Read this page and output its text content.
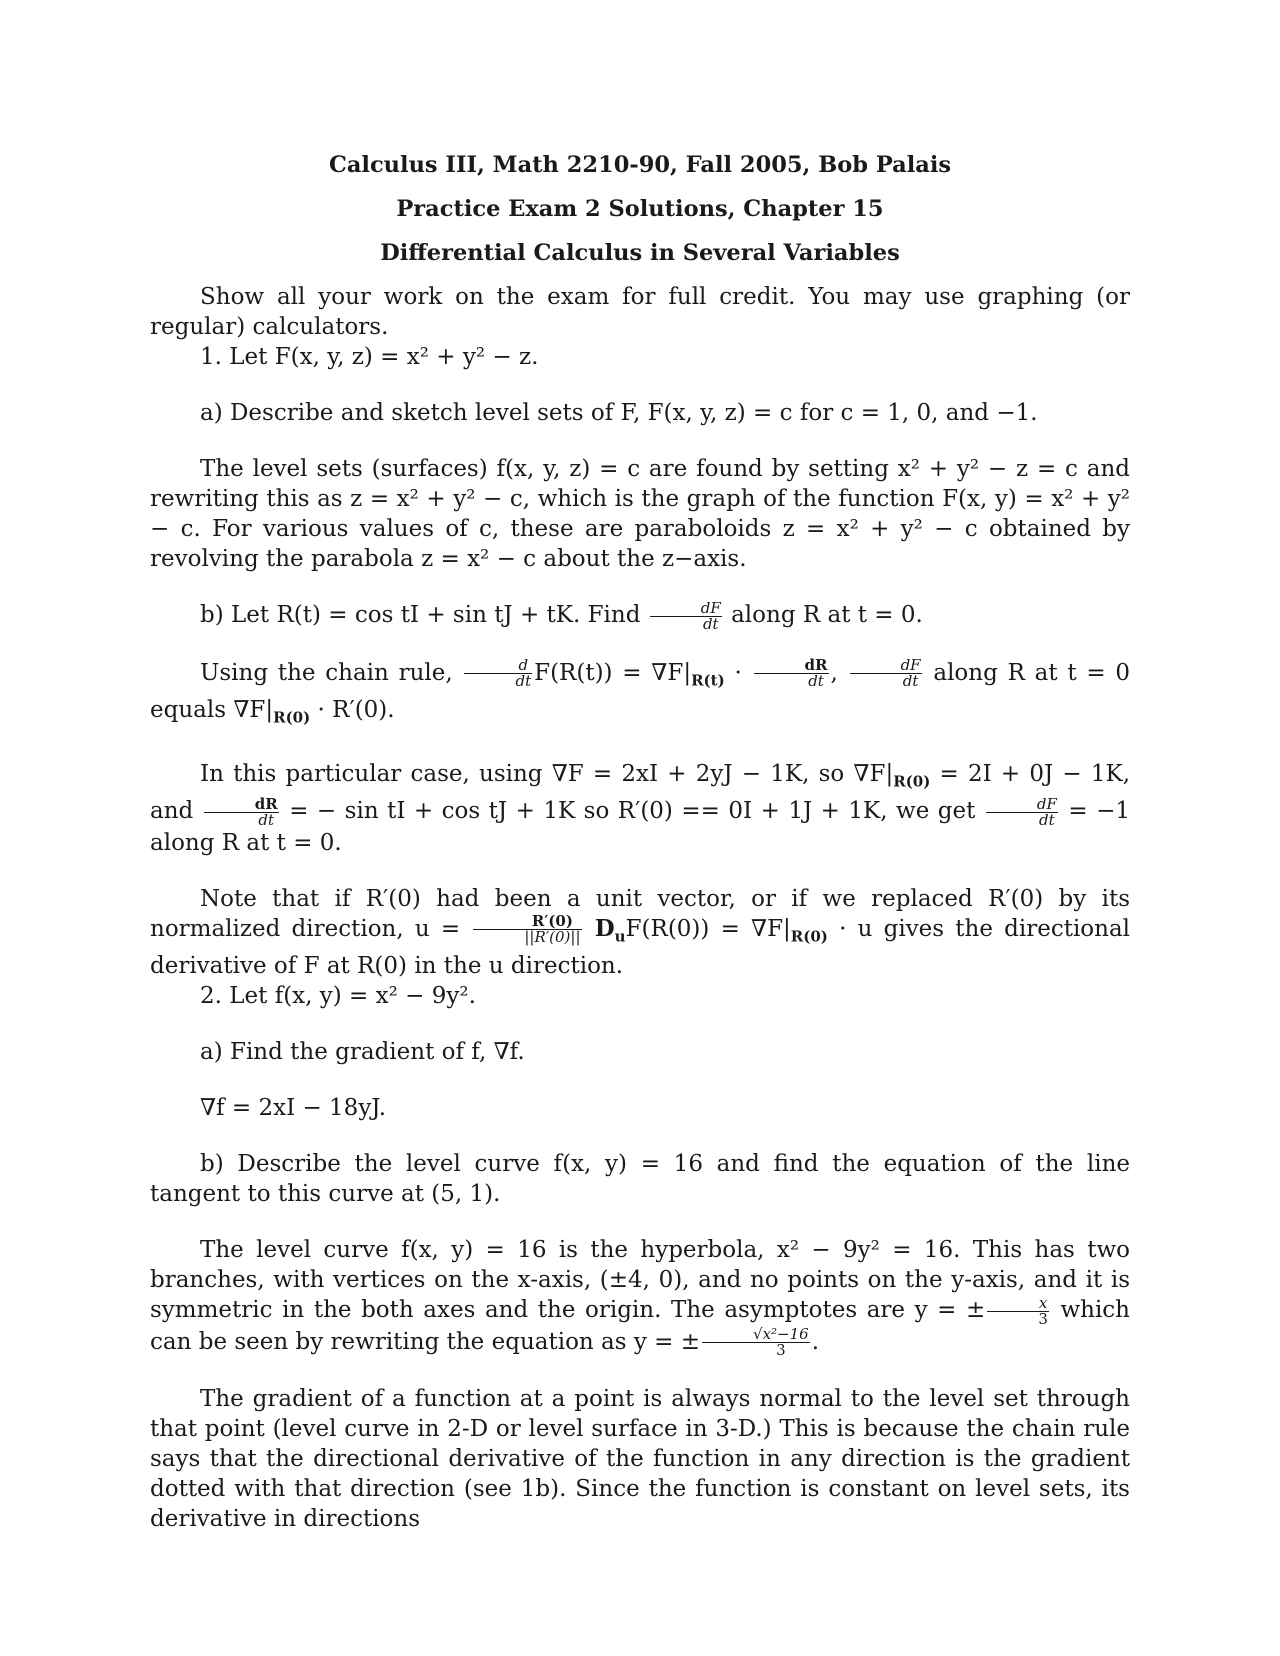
Calculus III, Math 2210-90, Fall 2005, Bob Palais
Practice Exam 2 Solutions, Chapter 15
Differential Calculus in Several Variables

Show all your work on the exam for full credit. You may use graphing (or regular) calculators.

1. Let F(x, y, z) = x² + y² − z.

a) Describe and sketch level sets of F, F(x, y, z) = c for c = 1, 0, and −1.

The level sets (surfaces) f(x, y, z) = c are found by setting x² + y² − z = c and rewriting this as z = x² + y² − c, which is the graph of the function F(x, y) = x² + y² − c. For various values of c, these are paraboloids z = x² + y² − c obtained by revolving the parabola z = x² − c about the z−axis.

b) Let R(t) = cos tI + sin tJ + tK. Find $\frac{dF}{dt}$ along R at t = 0.

Using the chain rule, $\frac{d}{dt} F(R(t)) = \nabla F|_{R(t)} \cdot \frac{dR}{dt}$ , $\frac{dF}{dt}$ along R at t = 0 equals $\nabla F|_{R(0)} \cdot R'(0)$.

In this particular case, using ∇F = 2xI + 2yJ − 1K, so $\nabla F|_{R(0)} = 2I + 0J - 1K$, and $\frac{dR}{dt}$ = − sin tI + cos tJ + 1K so R′(0) == 0I + 1J + 1K, we get $\frac{dF}{dt} = -1$ along R at t = 0.

Note that if R′(0) had been a unit vector, or if we replaced R′(0) by its normalized direction, $u = \frac{R'(0)}{||R'(0)||} D_uF(R(0)) = \nabla F|_{R(0)} \cdot u$ gives the directional derivative of F at R(0) in the u direction.

2. Let f(x, y) = x² − 9y².

a) Find the gradient of f, ∇f.

∇f = 2xI − 18yJ.

b) Describe the level curve f(x, y) = 16 and find the equation of the line tangent to this curve at (5, 1).

The level curve f(x, y) = 16 is the hyperbola, x² − 9y² = 16. This has two branches, with vertices on the x-axis, (±4, 0), and no points on the y-axis, and it is symmetric in the both axes and the origin. The asymptotes are y = ± $\frac{x}{3}$ which can be seen by rewriting the equation as y = ± $\frac{\text{√x²−16}}{3}$ .

The gradient of a function at a point is always normal to the level set through that point (level curve in 2-D or level surface in 3-D.) This is because the chain rule says that the directional derivative of the function in any direction is the gradient dotted with that direction (see 1b). Since the function is constant on level sets, its derivative in directions
